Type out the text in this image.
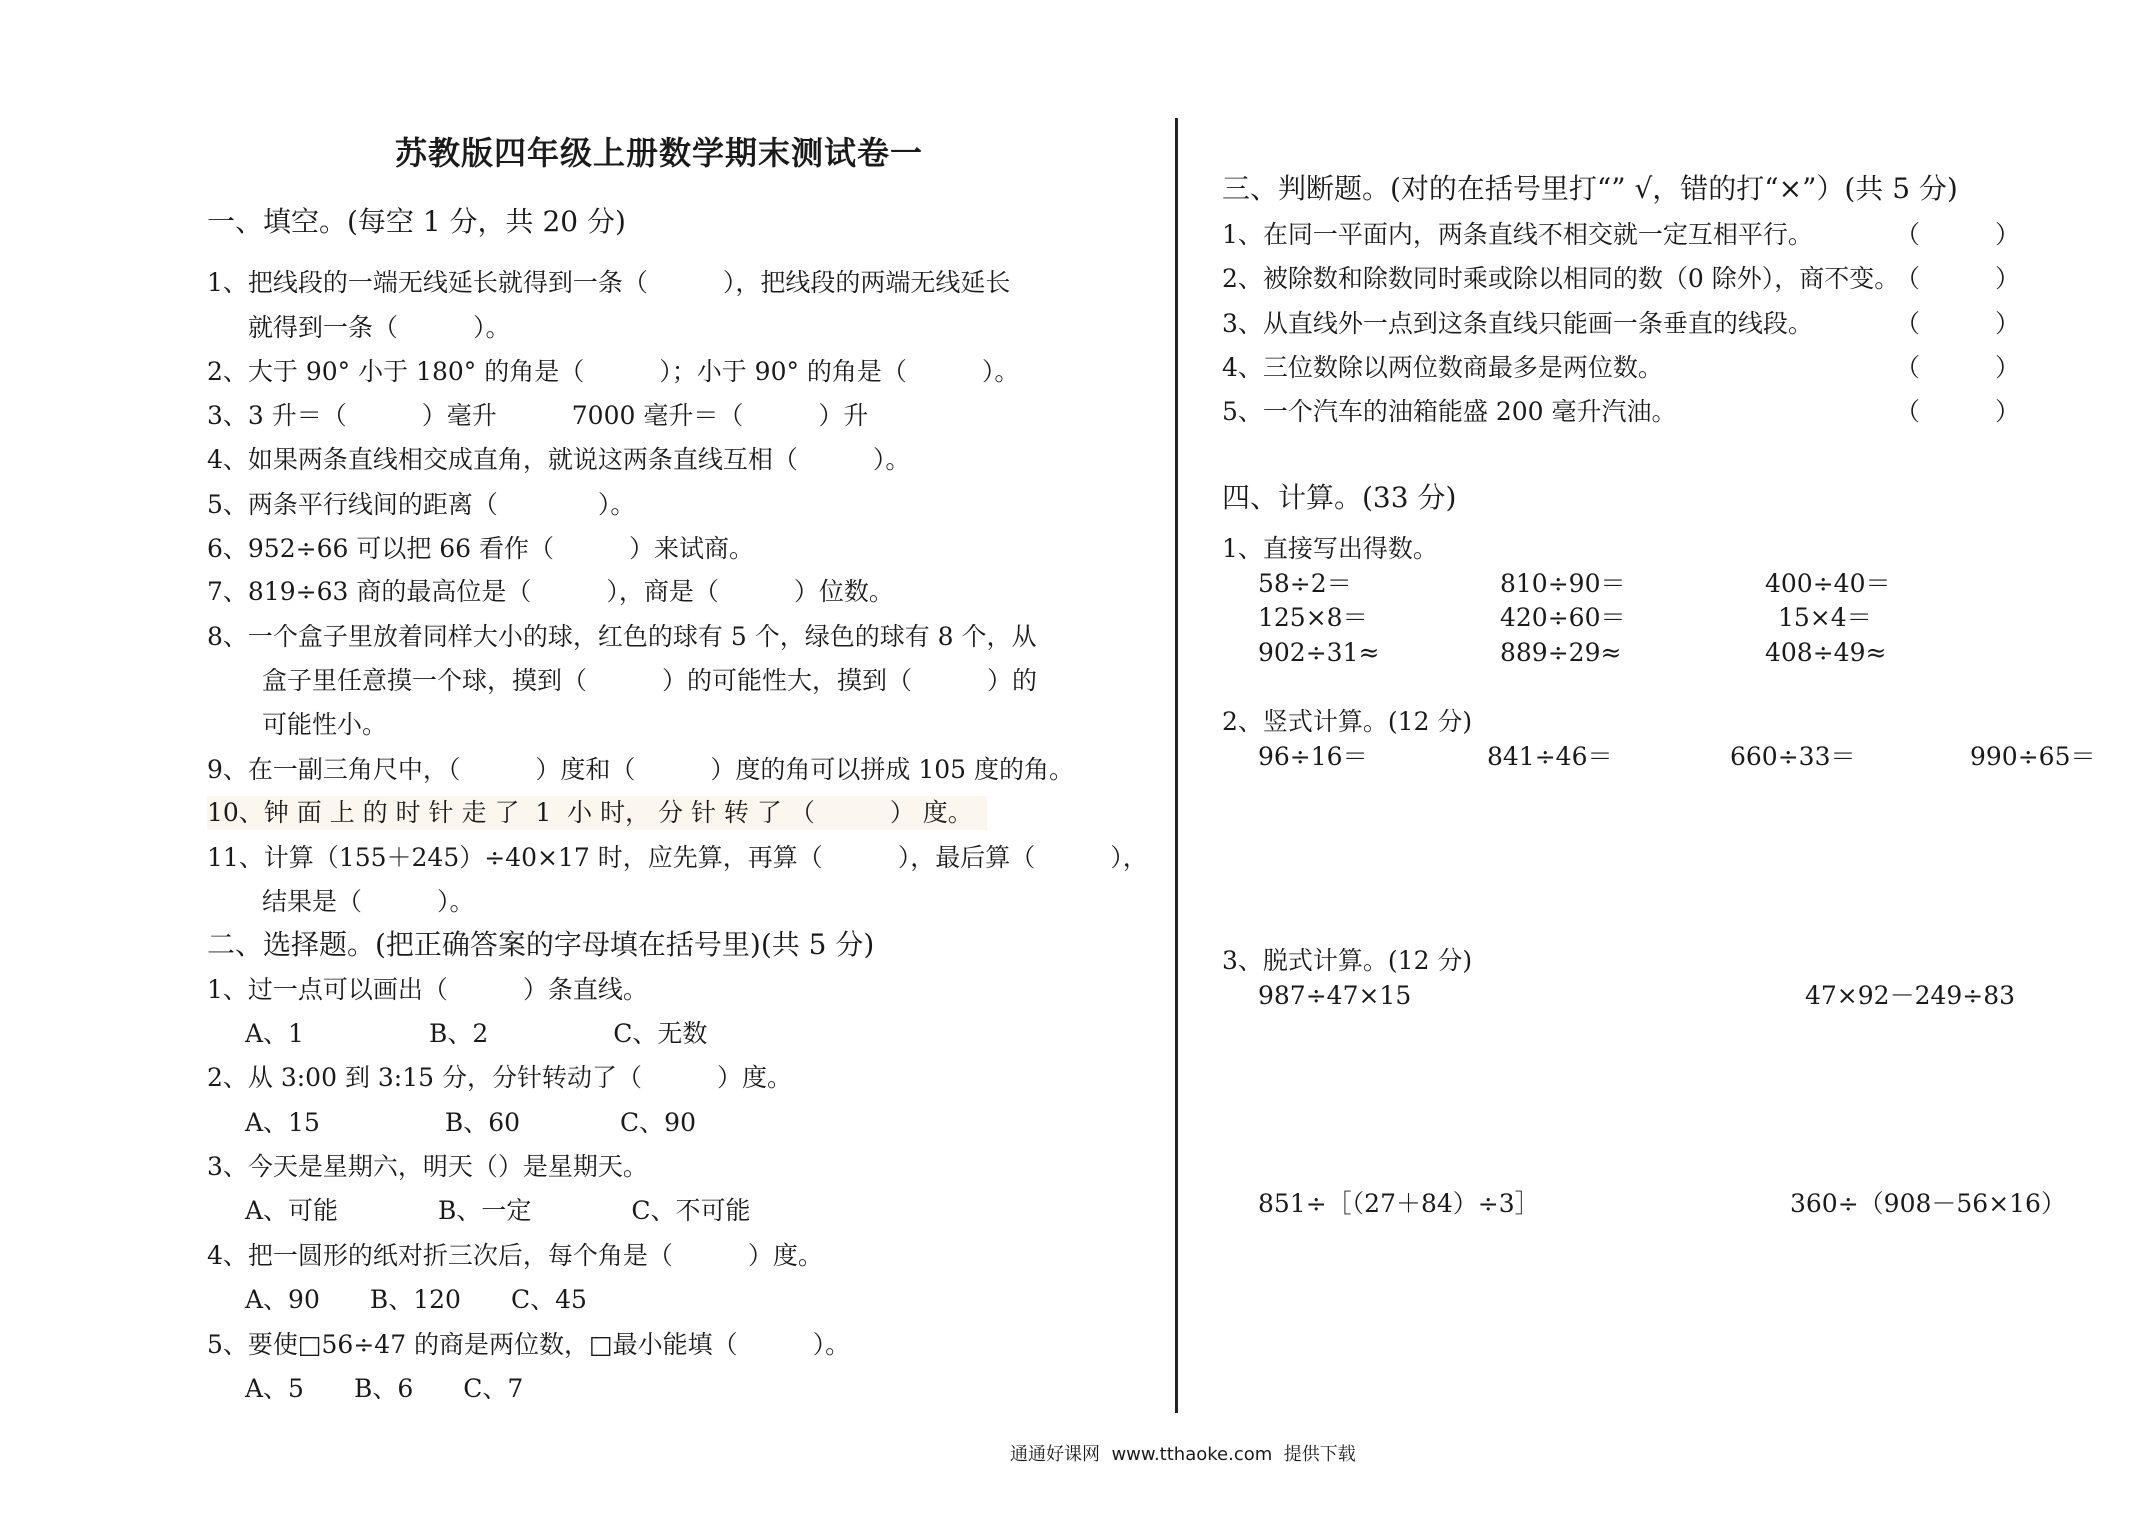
苏教版四年级上册数学期末测试卷一
一、填空。(每空 1 分，共 20 分)
1、把线段的一端无线延长就得到一条（　　　），把线段的两端无线延长
就得到一条（　　　）。
2、大于 90° 小于 180° 的角是（　　　）；小于 90° 的角是（　　　）。
3、3 升＝（　　　）毫升　　　7000 毫升＝（　　　）升
4、如果两条直线相交成直角，就说这两条直线互相（　　　）。
5、两条平行线间的距离（　　　　）。
6、952÷66 可以把 66 看作（　　　）来试商。
7、819÷63 商的最高位是（　　　），商是（　　　）位数。
8、一个盒子里放着同样大小的球，红色的球有 5 个，绿色的球有 8 个，从
盒子里任意摸一个球，摸到（　　　）的可能性大，摸到（　　　）的
可能性小。
9、在一副三角尺中，（　　　）度和（　　　）度的角可以拼成 105 度的角。
10、钟 面 上 的 时 针 走 了  1  小 时， 分 针 转 了 （　　　） 度。
11、计算（155＋245）÷40×17 时，应先算，再算（　　　），最后算（　　　），
结果是（　　　）。
二、选择题。(把正确答案的字母填在括号里)(共 5 分)
1、过一点可以画出（　　　）条直线。
A、1　　　　　B、2　　　　　C、无数
2、从 3:00 到 3:15 分，分针转动了（　　　）度。
A、15　　　　　B、60　　　　C、90
3、今天是星期六，明天（）是星期天。
A、可能　　　　B、一定　　　　C、不可能
4、把一圆形的纸对折三次后，每个角是（　　　）度。
A、90　　B、120　　C、45
5、要使□56÷47 的商是两位数，□最小能填（　　　）。
A、5　　B、6　　C、7
三、判断题。(对的在括号里打“” √，错的打“×”）(共 5 分)
1、在同一平面内，两条直线不相交就一定互相平行。	（　　　）
2、被除数和除数同时乘或除以相同的数（0 除外），商不变。
（　　　）
3、从直线外一点到这条直线只能画一条垂直的线段。	（　　　）
4、三位数除以两位数商最多是两位数。	（　　　）
5、一个汽车的油箱能盛 200 毫升汽油。	（　　　）
四、计算。(33 分)
1、直接写出得数。
58÷2＝	810÷90＝	400÷40＝
125×8＝	420÷60＝	15×4＝
902÷31≈	889÷29≈	408÷49≈
2、竖式计算。(12 分)
96÷16＝	841÷46＝	660÷33＝	990÷65＝
3、脱式计算。(12 分)
987÷47×15	47×92－249÷83
851÷［（27＋84）÷3］	360÷（908－56×16）
通通好课网  www.tthaoke.com  提供下载
